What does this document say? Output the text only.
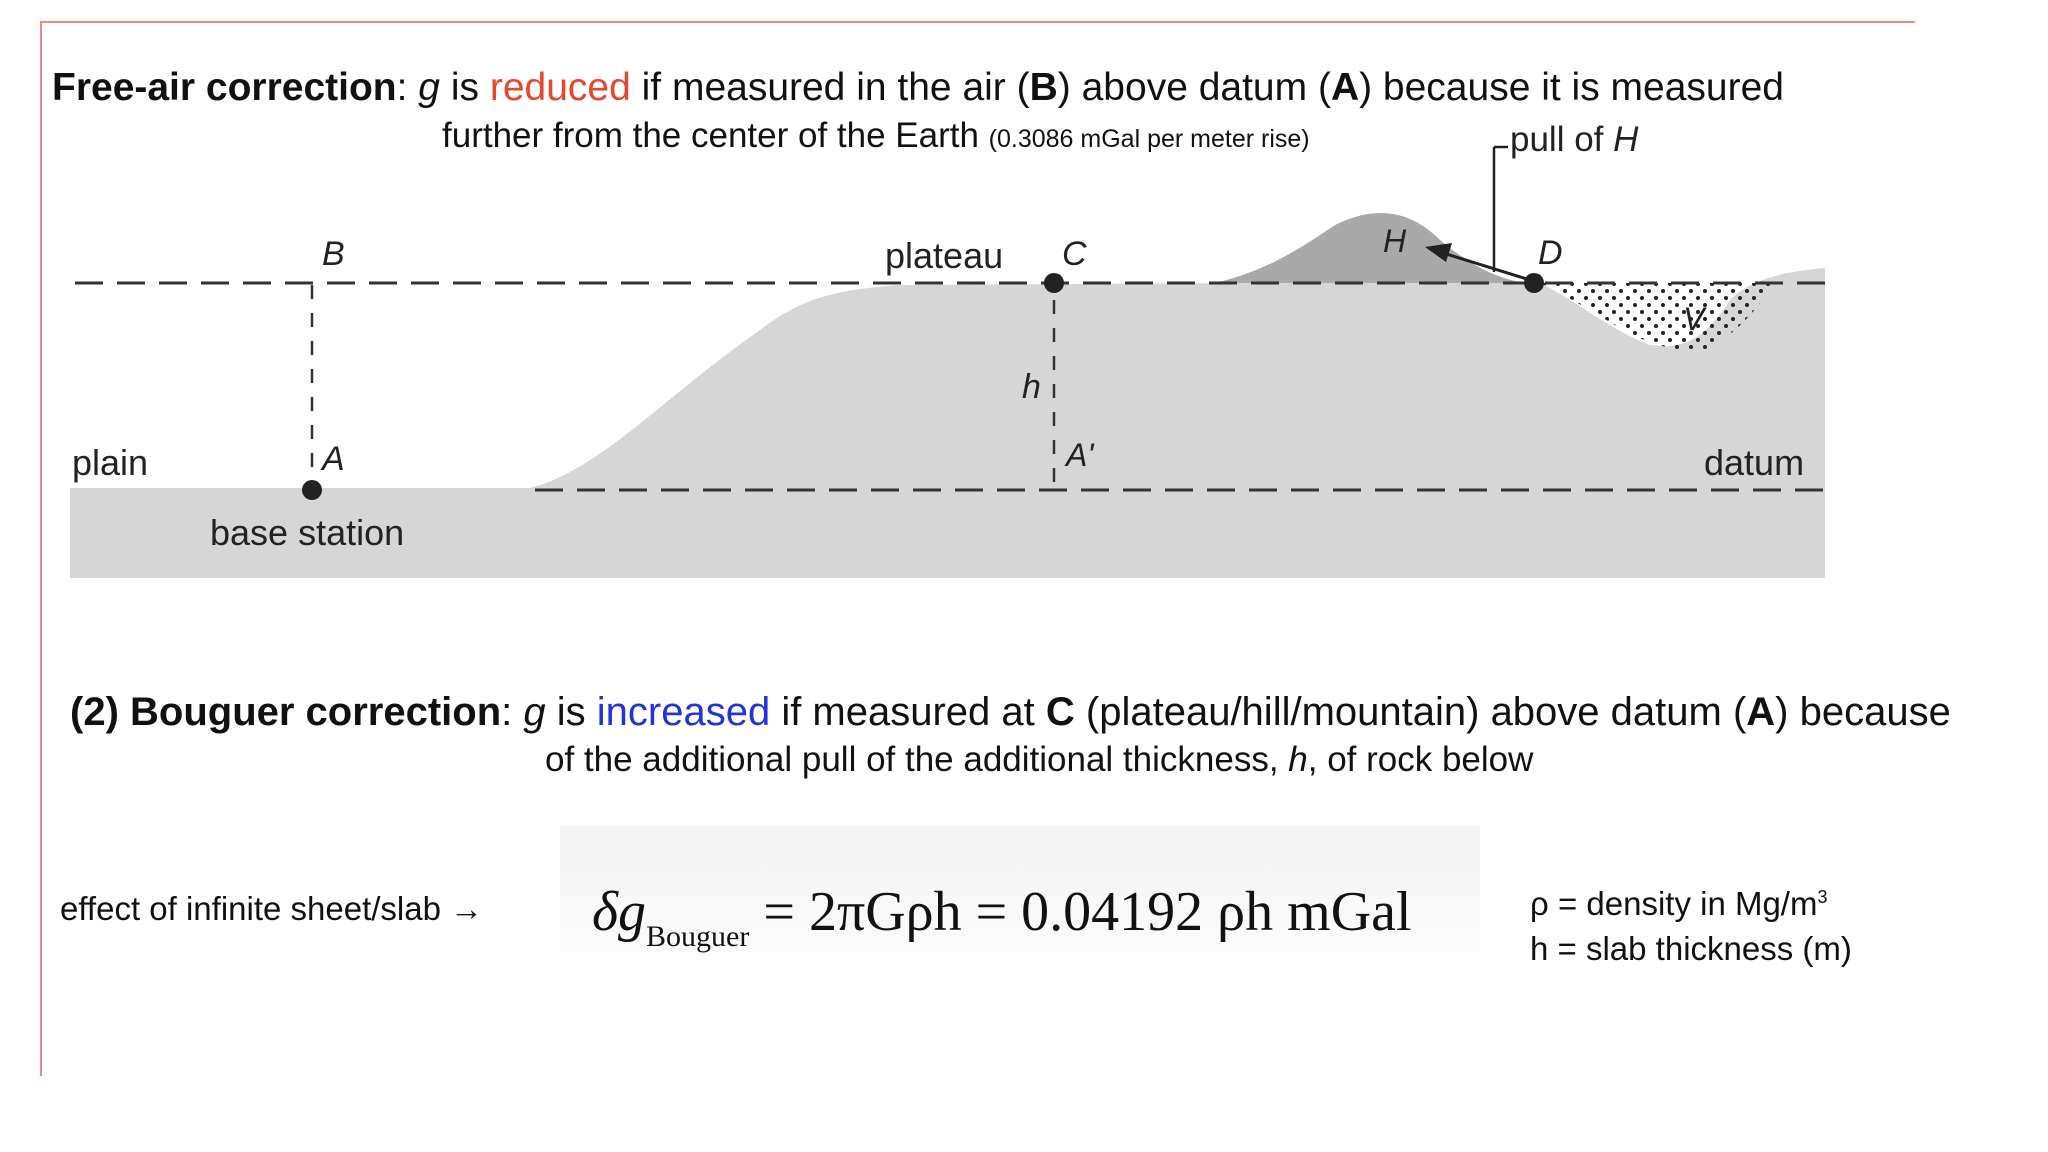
Free-air correction: g is reduced if measured in the air (B) above datum (A) because it is measured
further from the center of the Earth (0.3086 mGal per meter rise)	pull of H
B	plateau C	H	D
V
h
A'
plain	A	datum
base station
(2) Bouguer correction: g is increased if measured at C (plateau/hill/mountain) above datum (A) because
of the additional pull of the additional thickness, h, of rock below
effect of infinite sheet/slab → $\delta g_{Bouguer} = 2\pi G\rho h = 0.04192$ ρh mGal	ρ = density in $Mg/m^3$
h = slab thickness (m)
